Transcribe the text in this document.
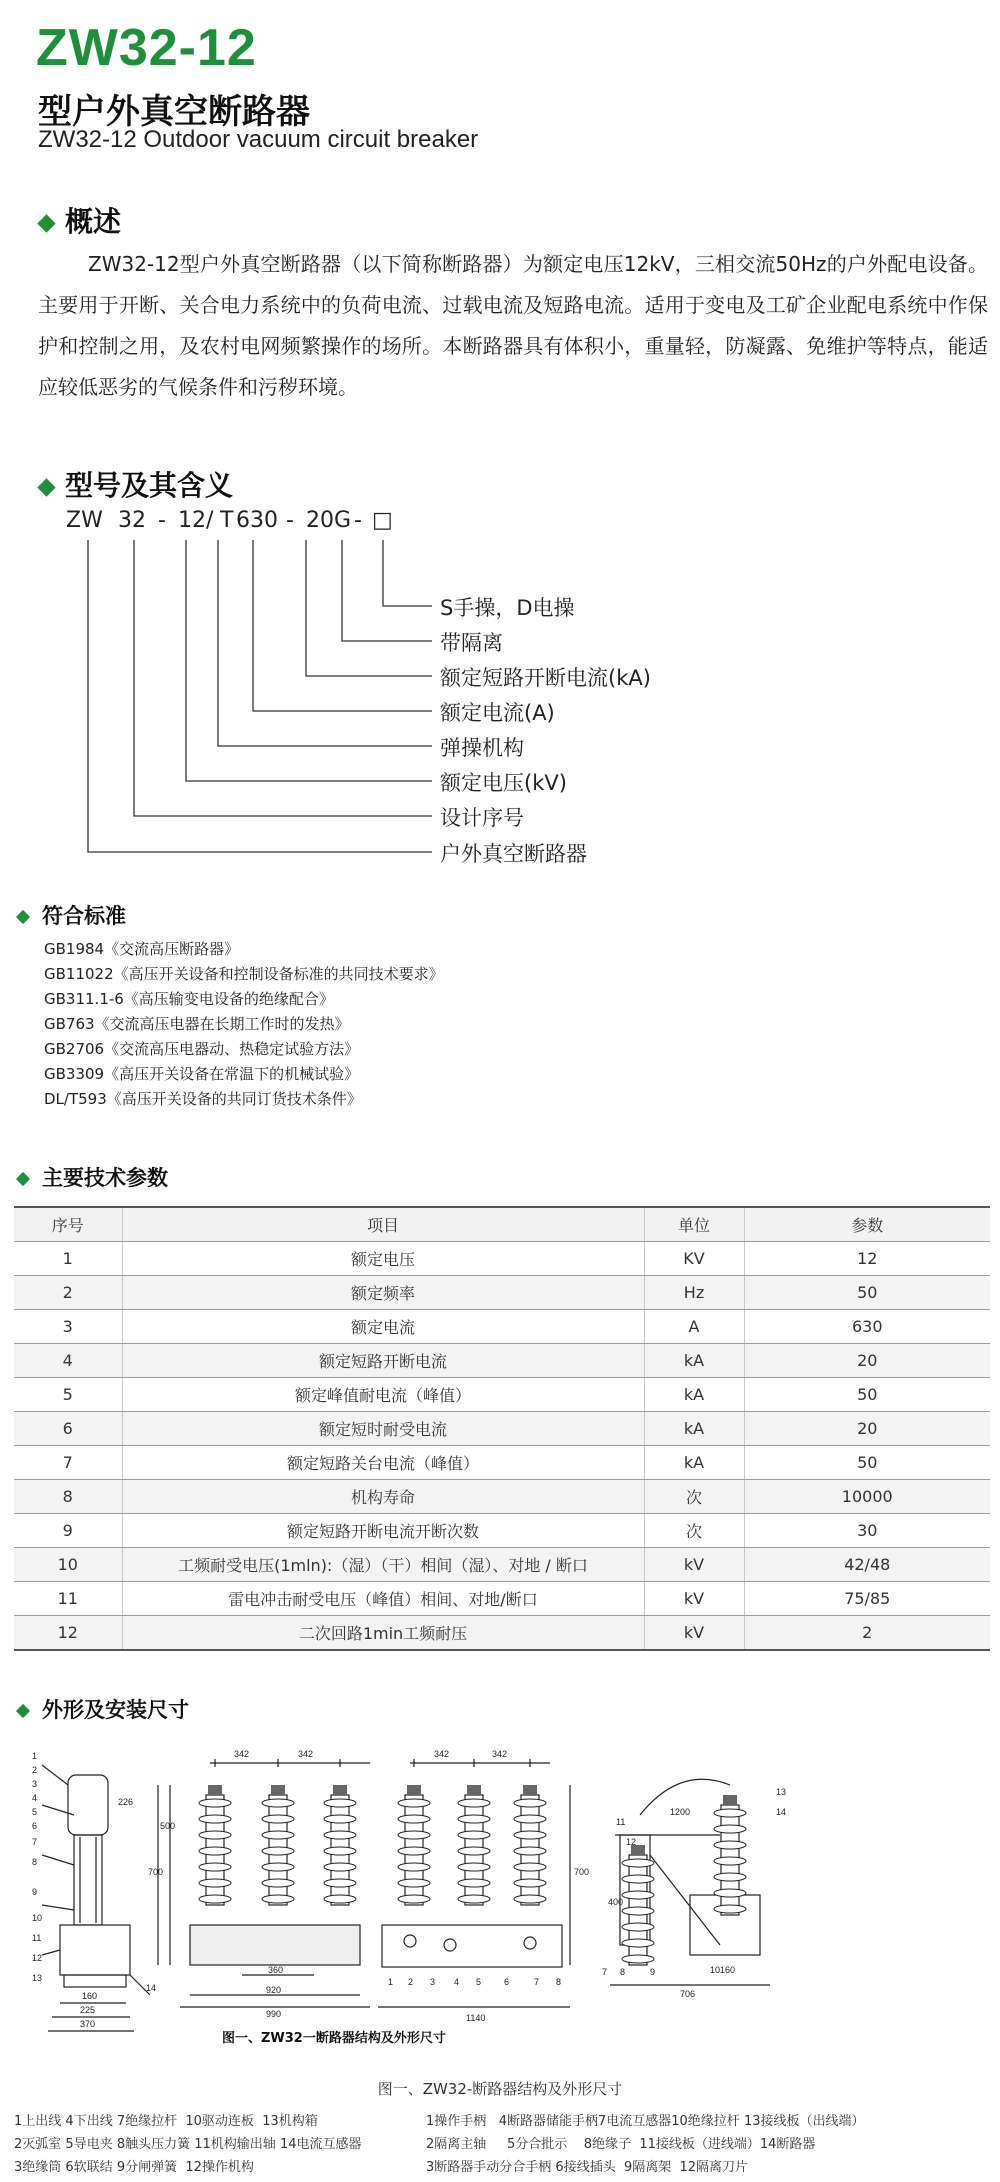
ZW32-12
型户外真空断路器
ZW32-12 Outdoor vacuum circuit breaker
概述
ZW32-12型户外真空断路器（以下简称断路器）为额定电压12kV，三相交流50Hz的户外配电设备。主要用于开断、关合电力系统中的负荷电流、过载电流及短路电流。适用于变电及工矿企业配电系统中作保护和控制之用，及农村电网频繁操作的场所。本断路器具有体积小，重量轻，防凝露、免维护等特点，能适应较低恶劣的气候条件和污秽环境。
型号及其含义
ZW 32 - 12 / T 630 - 20 G - □
S手操，D电操
带隔离
额定短路开断电流(kA)
额定电流(A)
弹操机构
额定电压(kV)
设计序号
户外真空断路器
符合标准
GB1984《交流高压断路器》
GB11022《高压开关设备和控制设备标准的共同技术要求》
GB311.1-6《高压输变电设备的绝缘配合》
GB763《交流高压电器在长期工作时的发热》
GB2706《交流高压电器动、热稳定试验方法》
GB3309《高压开关设备在常温下的机械试验》
DL/T593《高压开关设备的共同订货技术条件》
主要技术参数
序号	项目	单位	参数
1	额定电压	KV	12
2	额定频率	Hz	50
3	额定电流	A	630
4	额定短路开断电流	kA	20
5	额定峰值耐电流（峰值）	kA	50
6	额定短时耐受电流	kA	20
7	额定短路关台电流（峰值）	kA	50
8	机构寿命	次	10000
9	额定短路开断电流开断次数	次	30
10	工频耐受电压(1mln):（湿）（干）相间（湿）、对地 / 断口	kV	42/48
11	雷电冲击耐受电压（峰值）相间、对地/断口	kV	75/85
12	二次回路1min工频耐压	kV	2
外形及安装尺寸
1
2
3
4
5
6
7
8
9
10
11
12
13
14
226
160
225
370
342	342
500
700
360
920
990
342	342
700
1140
1 2 3 4 5	6	7 8
400
160
706
1200
7 8	9	10
11
12
13
14
图一、ZW32一断路器结构及外形尺寸
图一、ZW32-断路器结构及外形尺寸
1上出线 4下出线 7绝缘拉杆 10驱动连板 13机构箱
2灭弧室 5导电夹 8触头压力簧 11机构输出轴 14电流互感器
3绝缘筒 6软联结 9分闸弹簧 12操作机构
1操作手柄 4断路器储能手柄7电流互感器10绝缘拉杆 13接线板（出线端）
2隔离主轴 5分合批示 8绝缘子 11接线板（进线端）14断路器
3断路器手动分合手柄 6接线插头 9隔离架 12隔离刀片
